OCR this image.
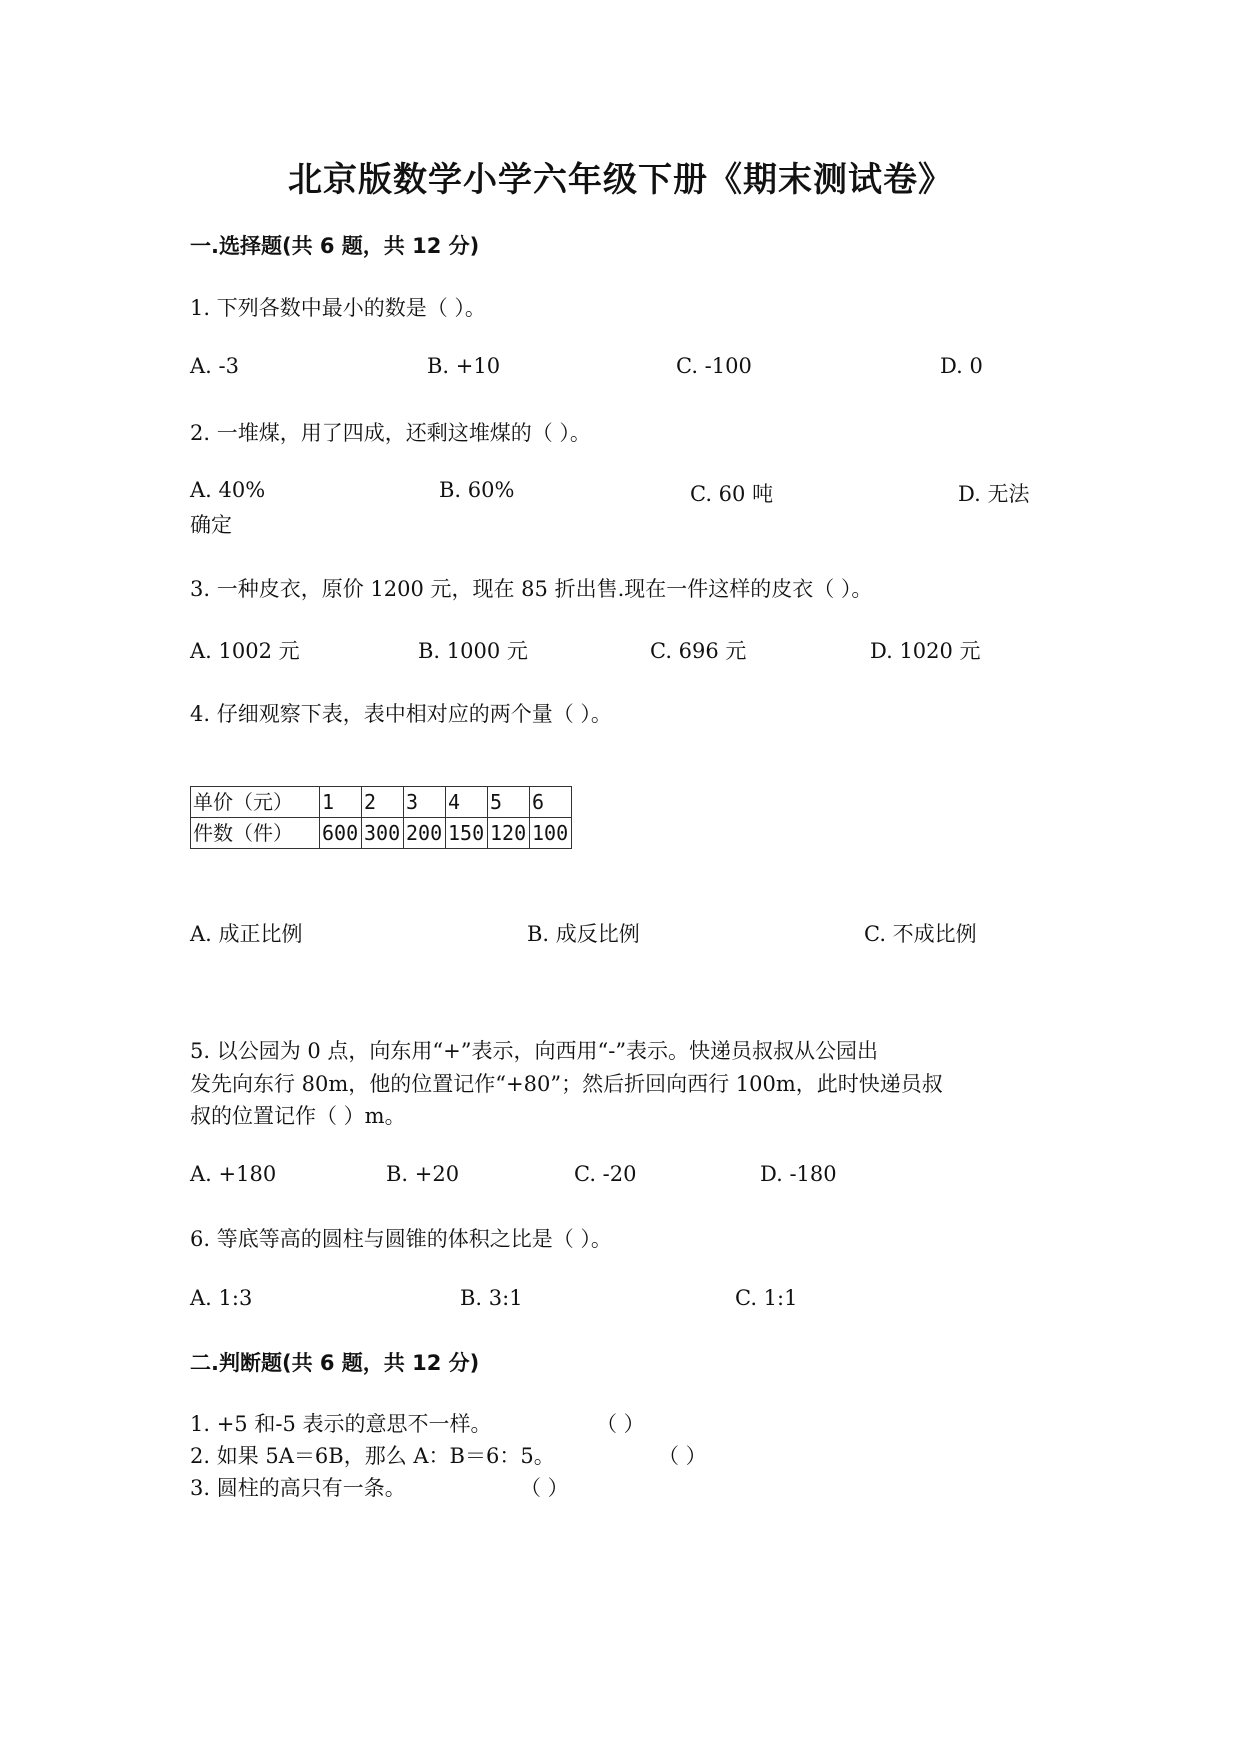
北京版数学小学六年级下册《期末测试卷》
一.选择题(共 6 题，共 12 分)
1. 下列各数中最小的数是（ ）。
A. -3	B. +10	C. -100	D. 0
2. 一堆煤，用了四成，还剩这堆煤的（ ）。
A. 40%	B. 60%	C. 60 吨	D. 无法
确定
3. 一种皮衣，原价 1200 元，现在 85 折出售.现在一件这样的皮衣（ ）。
A. 1002 元	B. 1000 元	C. 696 元	D. 1020 元
4. 仔细观察下表，表中相对应的两个量（ ）。
单价（元）	1	2	3	4	5	6
件数（件）	600	300	200	150	120	100
A. 成正比例	B. 成反比例	C. 不成比例
5. 以公园为 0 点，向东用“+”表示，向西用“-”表示。快递员叔叔从公园出
发先向东行 80m，他的位置记作“+80”；然后折回向西行 100m，此时快递员叔
叔的位置记作（ ）m。
A. +180	B. +20	C. -20	D. -180
6. 等底等高的圆柱与圆锥的体积之比是（ ）。
A. 1:3	B. 3:1	C. 1:1
二.判断题(共 6 题，共 12 分)
1. +5 和-5 表示的意思不一样。	（ ）
2. 如果 5A＝6B，那么 A：B＝6：5。	（ ）
3. 圆柱的高只有一条。	（ ）
